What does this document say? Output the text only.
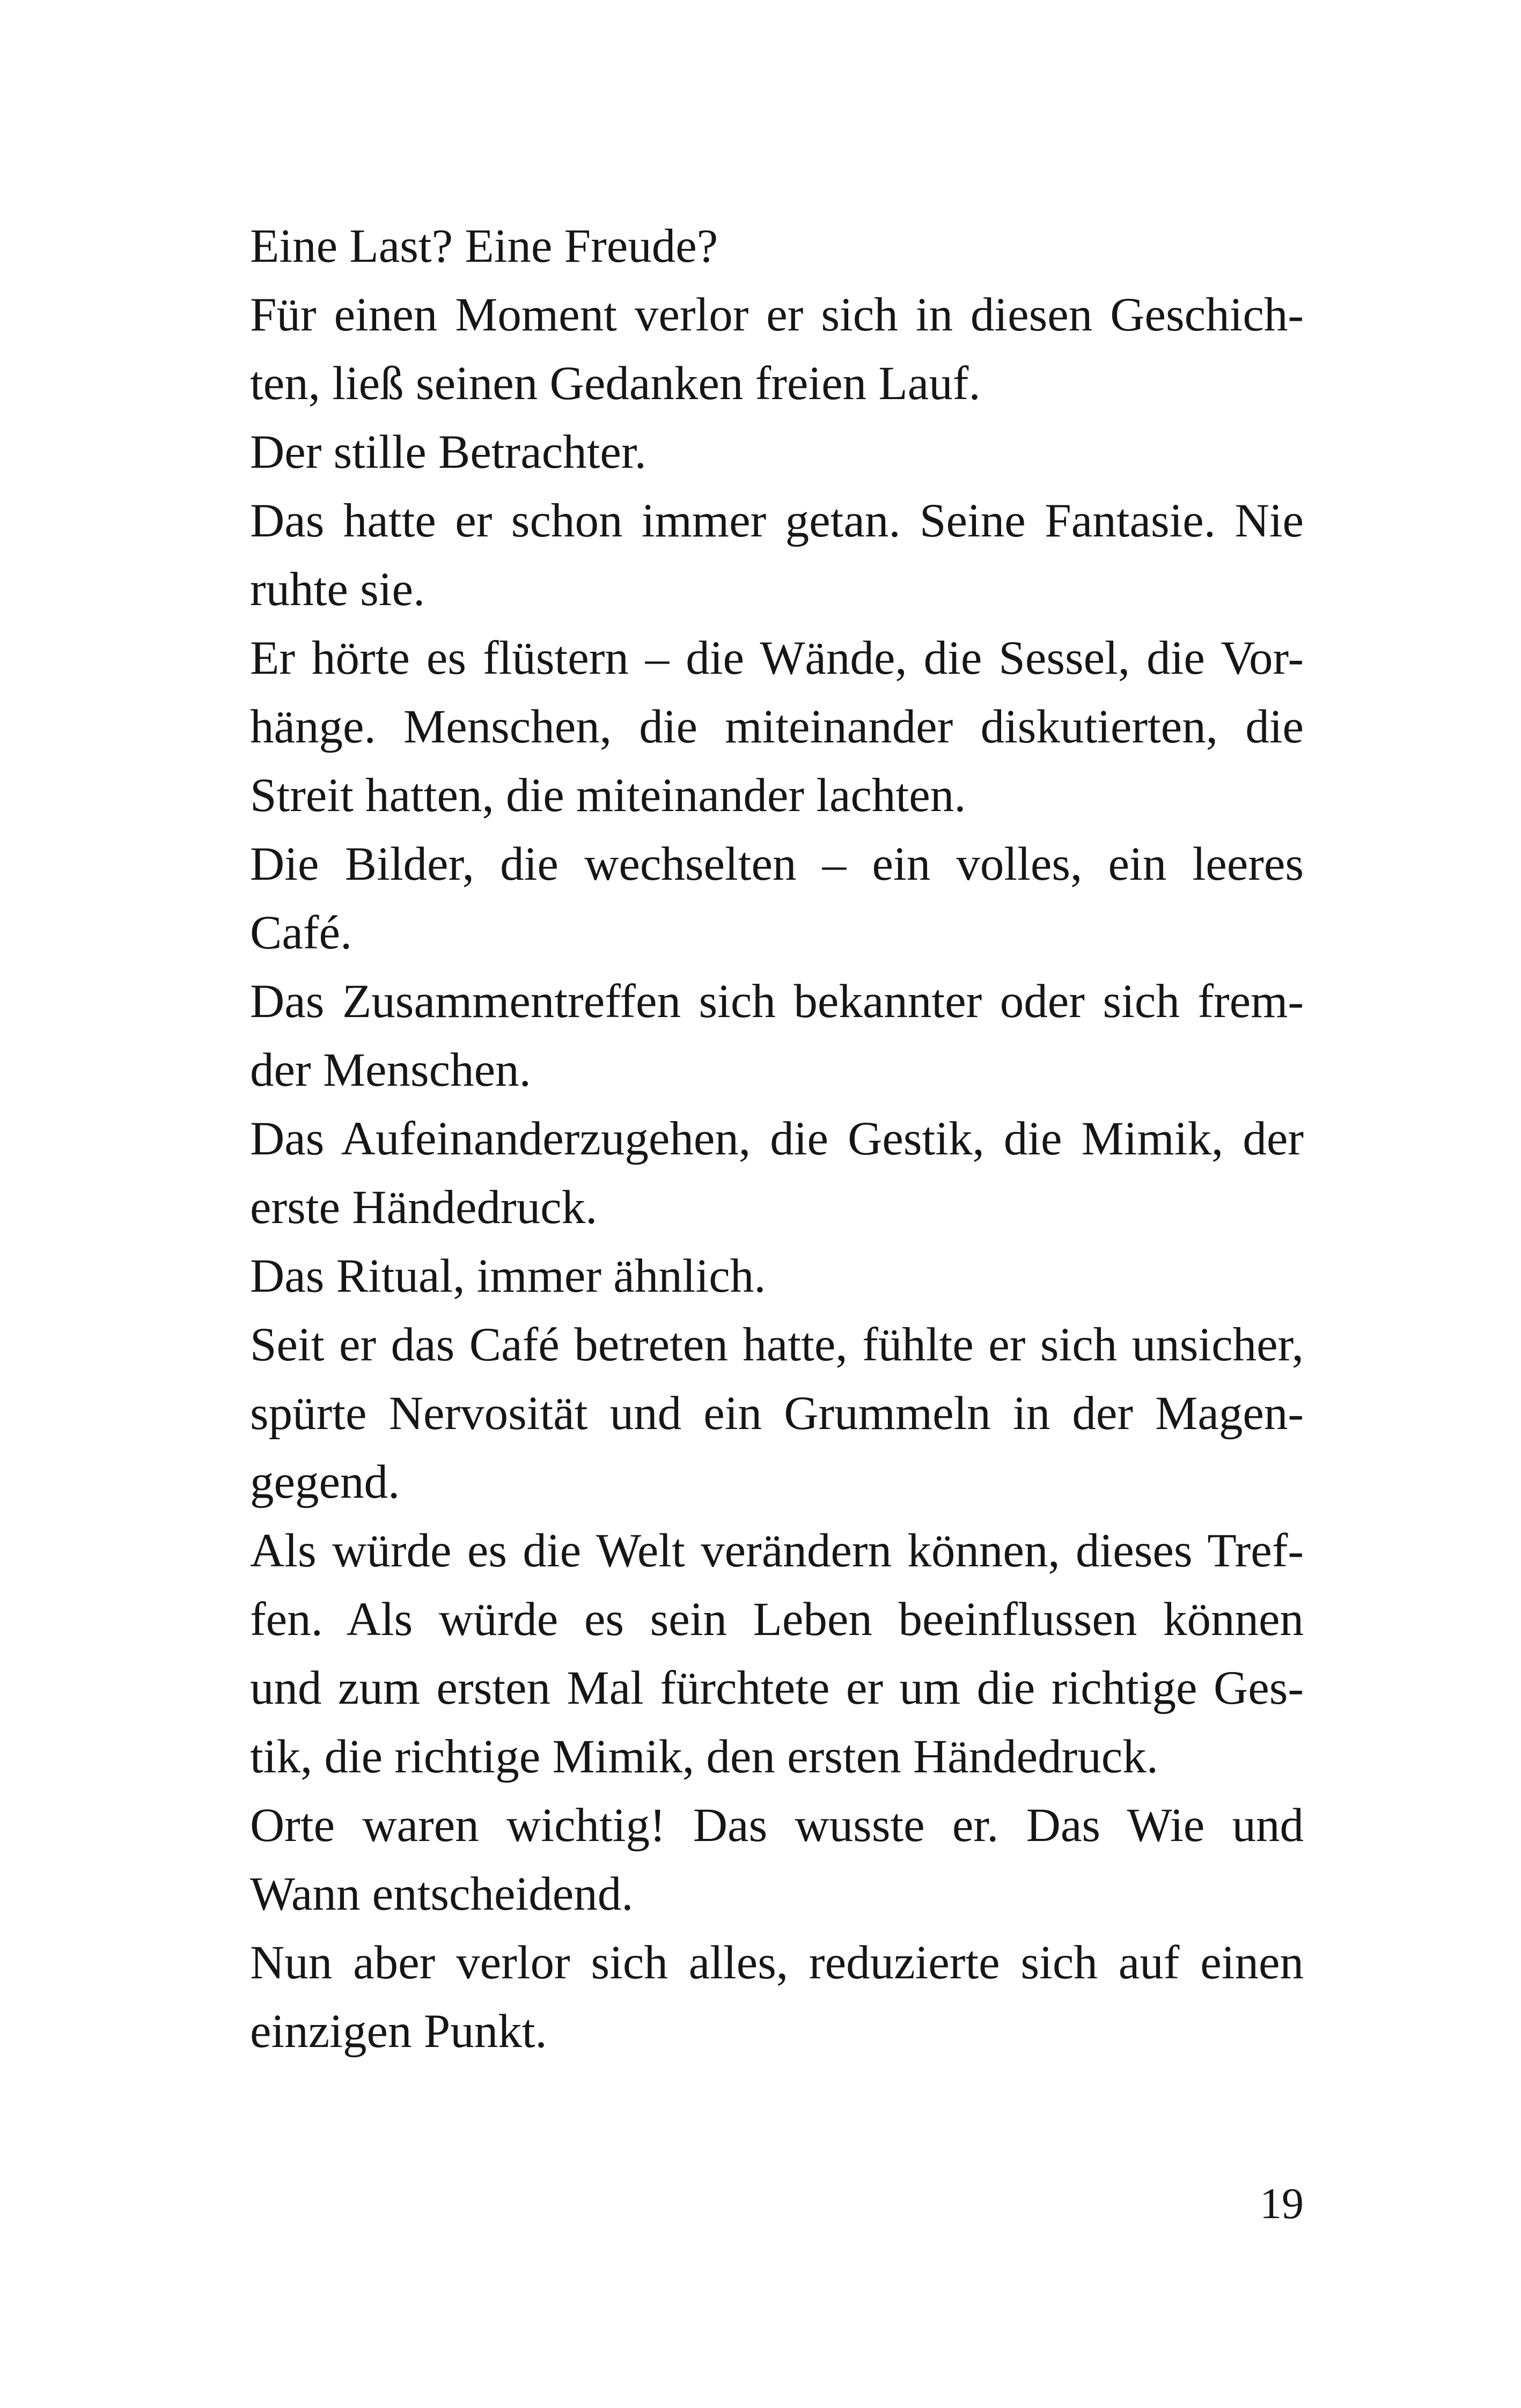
Eine Last? Eine Freude?
Für einen Moment verlor er sich in diesen Geschich-
ten, ließ seinen Gedanken freien Lauf.
Der stille Betrachter.
Das hatte er schon immer getan. Seine Fantasie. Nie
ruhte sie.
Er hörte es flüstern – die Wände, die Sessel, die Vor-
hänge. Menschen, die miteinander diskutierten, die
Streit hatten, die miteinander lachten.
Die Bilder, die wechselten – ein volles, ein leeres
Café.
Das Zusammentreffen sich bekannter oder sich frem-
der Menschen.
Das Aufeinanderzugehen, die Gestik, die Mimik, der
erste Händedruck.
Das Ritual, immer ähnlich.
Seit er das Café betreten hatte, fühlte er sich unsicher,
spürte Nervosität und ein Grummeln in der Magen-
gegend.
Als würde es die Welt verändern können, dieses Tref-
fen. Als würde es sein Leben beeinflussen können
und zum ersten Mal fürchtete er um die richtige Ges-
tik, die richtige Mimik, den ersten Händedruck.
Orte waren wichtig! Das wusste er. Das Wie und
Wann entscheidend.
Nun aber verlor sich alles, reduzierte sich auf einen
einzigen Punkt.
19
